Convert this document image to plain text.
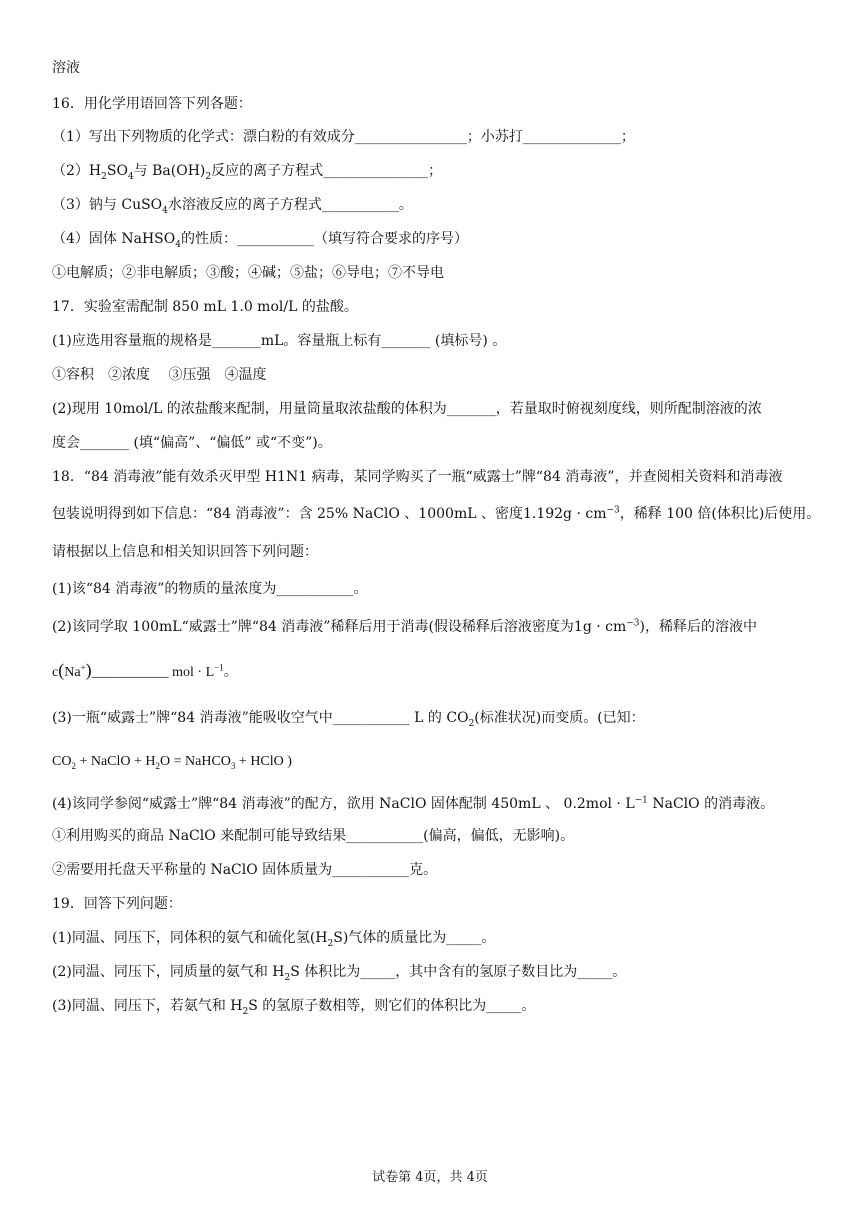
溶液
16．用化学用语回答下列各题：
（1）写出下列物质的化学式：漂白粉的有效成分________________；小苏打______________；
$(2)H_2SO_4$与 $Ba(OH)_2$反应的离子方程式_______________；
（3）钠与 CuSO$_4$水溶液反应的离子方程式___________。
（4）固体 NaHSO$_4$的性质：___________（填写符合要求的序号）
①电解质；②非电解质；③酸；④碱；⑤盐；⑥导电；⑦不导电
17．实验室需配制 850 mL 1.0 mol/L 的盐酸。
(1)应选用容量瓶的规格是_______mL。容量瓶上标有_______ (填标号) 。
①容积　②浓度　 ③压强　④温度
(2)现用 10mol/L 的浓盐酸来配制，用量筒量取浓盐酸的体积为_______，若量取时俯视刻度线，则所配制溶液的浓
度会_______ (填“偏高”、“偏低” 或“不变”)。
18．“84 消毒液”能有效杀灭甲型 H1N1 病毒，某同学购买了一瓶“威露士”牌“84 消毒液”，并查阅相关资料和消毒液
包装说明得到如下信息：“84 消毒液”：含 25% NaClO 、1000mL 、密度$1.192g \cdot cm^{-3}$，稀释 100 倍(体积比)后使用。
请根据以上信息和相关知识回答下列问题：
(1)该“84 消毒液”的物质的量浓度为___________。
(2)该同学取 100mL“威露士”牌“84 消毒液”稀释后用于消毒(假设稀释后溶液密度为$1g \cdot cm^{-3}$)，稀释后的溶液中
c(Na+)___________ mol · $L^{-1}$。
(3)一瓶“威露士”牌“84 消毒液”能吸收空气中___________ L 的 $CO_2$(标准状况)而变质。(已知：
$CO_2$ + NaClO + $H_2O$ = NaHCO$_3$ + HClO )
(4)该同学参阅“威露士”牌“84 消毒液”的配方，欲用 NaClO 固体配制 450mL 、 $0.2mol \cdot L^{-1}$ NaClO 的消毒液。
①利用购买的商品 NaClO 来配制可能导致结果___________(偏高，偏低，无影响)。
②需要用托盘天平称量的 NaClO 固体质量为___________克。
19．回答下列问题：
(1)同温、同压下，同体积的氨气和硫化氢$(H_2S)$气体的质量比为_____。
(2)同温、同压下，同质量的氨气和 $H_2S$ 体积比为_____，其中含有的氢原子数目比为_____。
(3)同温、同压下，若氨气和 $H_2S$ 的氢原子数相等，则它们的体积比为_____。
试卷第 4页，共 4页
